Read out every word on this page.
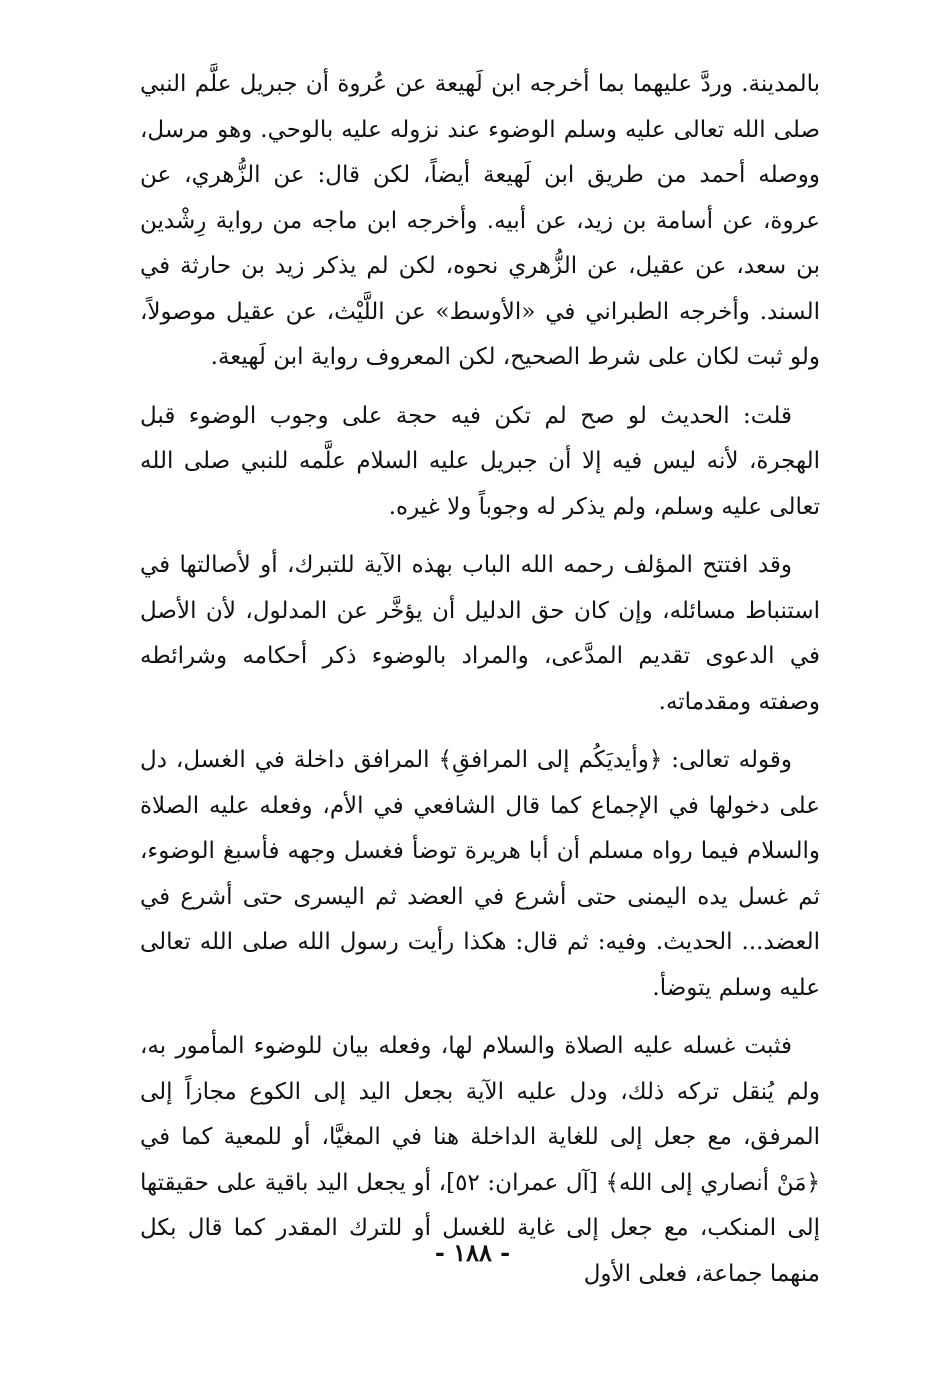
بالمدينة. وردَّ عليهما بما أخرجه ابن لَهيعة عن عُروة أن جبريل علَّم النبي صلى الله تعالى عليه وسلم الوضوء عند نزوله عليه بالوحي. وهو مرسل، ووصله أحمد من طريق ابن لَهيعة أيضاً، لكن قال: عن الزُّهري، عن عروة، عن أسامة بن زيد، عن أبيه. وأخرجه ابن ماجه من رواية رِشْدين بن سعد، عن عقيل، عن الزُّهري نحوه، لكن لم يذكر زيد بن حارثة في السند. وأخرجه الطبراني في «الأوسط» عن اللَّيْث، عن عقيل موصولاً، ولو ثبت لكان على شرط الصحيح، لكن المعروف رواية ابن لَهيعة.

قلت: الحديث لو صح لم تكن فيه حجة على وجوب الوضوء قبل الهجرة، لأنه ليس فيه إلا أن جبريل عليه السلام علَّمه للنبي صلى الله تعالى عليه وسلم، ولم يذكر له وجوباً ولا غيره.

وقد افتتح المؤلف رحمه الله الباب بهذه الآية للتبرك، أو لأصالتها في استنباط مسائله، وإن كان حق الدليل أن يؤخَّر عن المدلول، لأن الأصل في الدعوى تقديم المدَّعى، والمراد بالوضوء ذكر أحكامه وشرائطه وصفته ومقدماته.

وقوله تعالى: ﴿وأيديَكُم إلى المرافقِ﴾ المرافق داخلة في الغسل، دل على دخولها في الإجماع كما قال الشافعي في الأم، وفعله عليه الصلاة والسلام فيما رواه مسلم أن أبا هريرة توضأ فغسل وجهه فأسبغ الوضوء، ثم غسل يده اليمنى حتى أشرع في العضد ثم اليسرى حتى أشرع في العضد... الحديث. وفيه: ثم قال: هكذا رأيت رسول الله صلى الله تعالى عليه وسلم يتوضأ.

فثبت غسله عليه الصلاة والسلام لها، وفعله بيان للوضوء المأمور به، ولم يُنقل تركه ذلك، ودل عليه الآية بجعل اليد إلى الكوع مجازاً إلى المرفق، مع جعل إلى للغاية الداخلة هنا في المغيَّا، أو للمعية كما في ﴿مَنْ أنصاري إلى الله﴾ [آل عمران: ٥٢]، أو يجعل اليد باقية على حقيقتها إلى المنكب، مع جعل إلى غاية للغسل أو للترك المقدر كما قال بكل منهما جماعة، فعلى الأول

- ١٨٨ -
